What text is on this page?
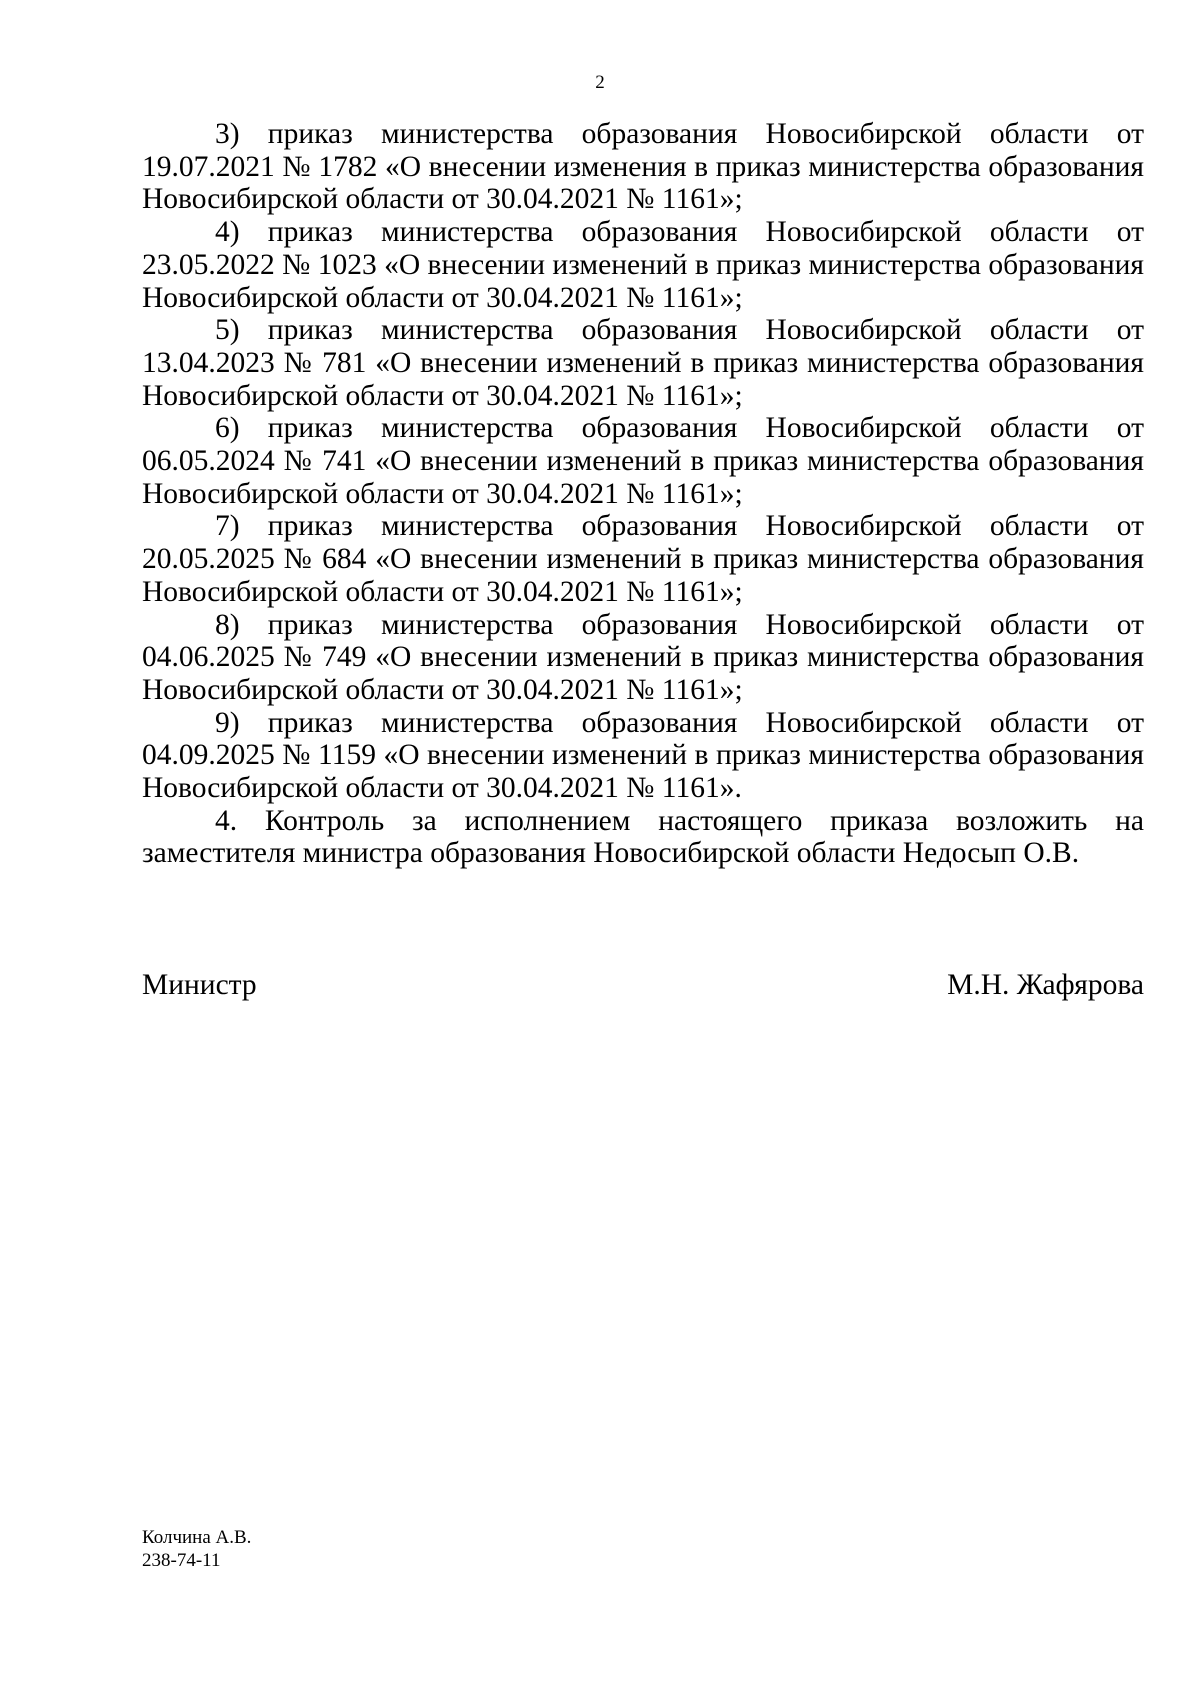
2

3) приказ министерства образования Новосибирской области от 19.07.2021 № 1782 «О внесении изменения в приказ министерства образования Новосибирской области от 30.04.2021 № 1161»;

4) приказ министерства образования Новосибирской области от 23.05.2022 № 1023 «О внесении изменений в приказ министерства образования Новосибирской области от 30.04.2021 № 1161»;

5) приказ министерства образования Новосибирской области от 13.04.2023 № 781 «О внесении изменений в приказ министерства образования Новосибирской области от 30.04.2021 № 1161»;

6) приказ министерства образования Новосибирской области от 06.05.2024 № 741 «О внесении изменений в приказ министерства образования Новосибирской области от 30.04.2021 № 1161»;

7) приказ министерства образования Новосибирской области от 20.05.2025 № 684 «О внесении изменений в приказ министерства образования Новосибирской области от 30.04.2021 № 1161»;

8) приказ министерства образования Новосибирской области от 04.06.2025 № 749 «О внесении изменений в приказ министерства образования Новосибирской области от 30.04.2021 № 1161»;

9) приказ министерства образования Новосибирской области от 04.09.2025 № 1159 «О внесении изменений в приказ министерства образования Новосибирской области от 30.04.2021 № 1161».

4. Контроль за исполнением настоящего приказа возложить на заместителя министра образования Новосибирской области Недосып О.В.

Министр	М.Н. Жафярова
Колчина А.В.
238-74-11
